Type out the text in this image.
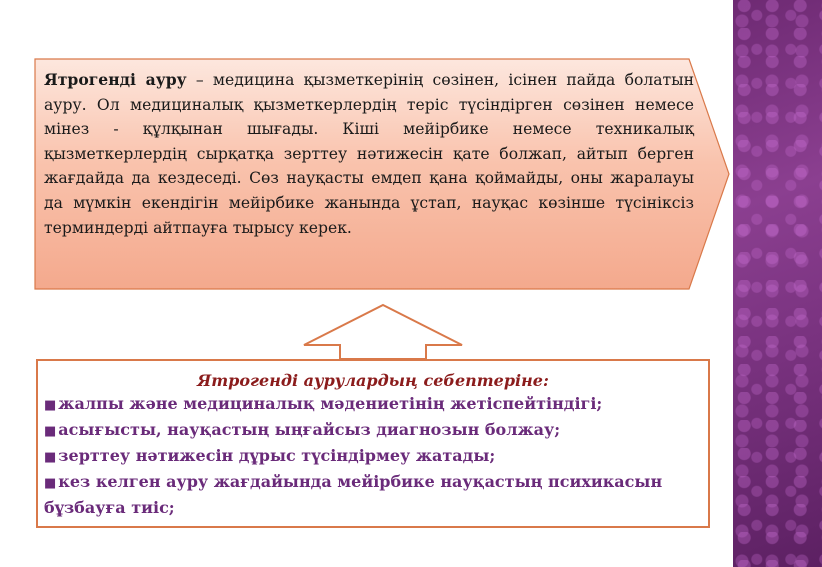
Ятрогенді ауру – медицина қызметкерінің сөзінен, ісінен пайда болатын ауру. Ол медициналық қызметкерлердің теріс түсіндірген сөзінен немесе мінез - құлқынан шығады. Кіші мейірбике немесе техникалық қызметкерлердің сырқатқа зерттеу нәтижесін қате болжап, айтып берген жағдайда да кездеседі. Сөз науқасты емдеп қана қоймайды, оны жаралауы да мүмкін екендігін мейірбике жанында ұстап, науқас көзінше түсініксіз терминдерді айтпауға тырысу керек.
Ятрогенді аурулардың себептеріне:
■ жалпы және медициналық мәдениетінің жетіспейтіндігі;
■ асығысты, науқастың ыңғайсыз диагнозын болжау;
■ зерттеу нәтижесін дұрыс түсіндірмеу жатады;
■ кез келген ауру жағдайында мейірбике науқастың психикасын бұзбауға тиіс;
